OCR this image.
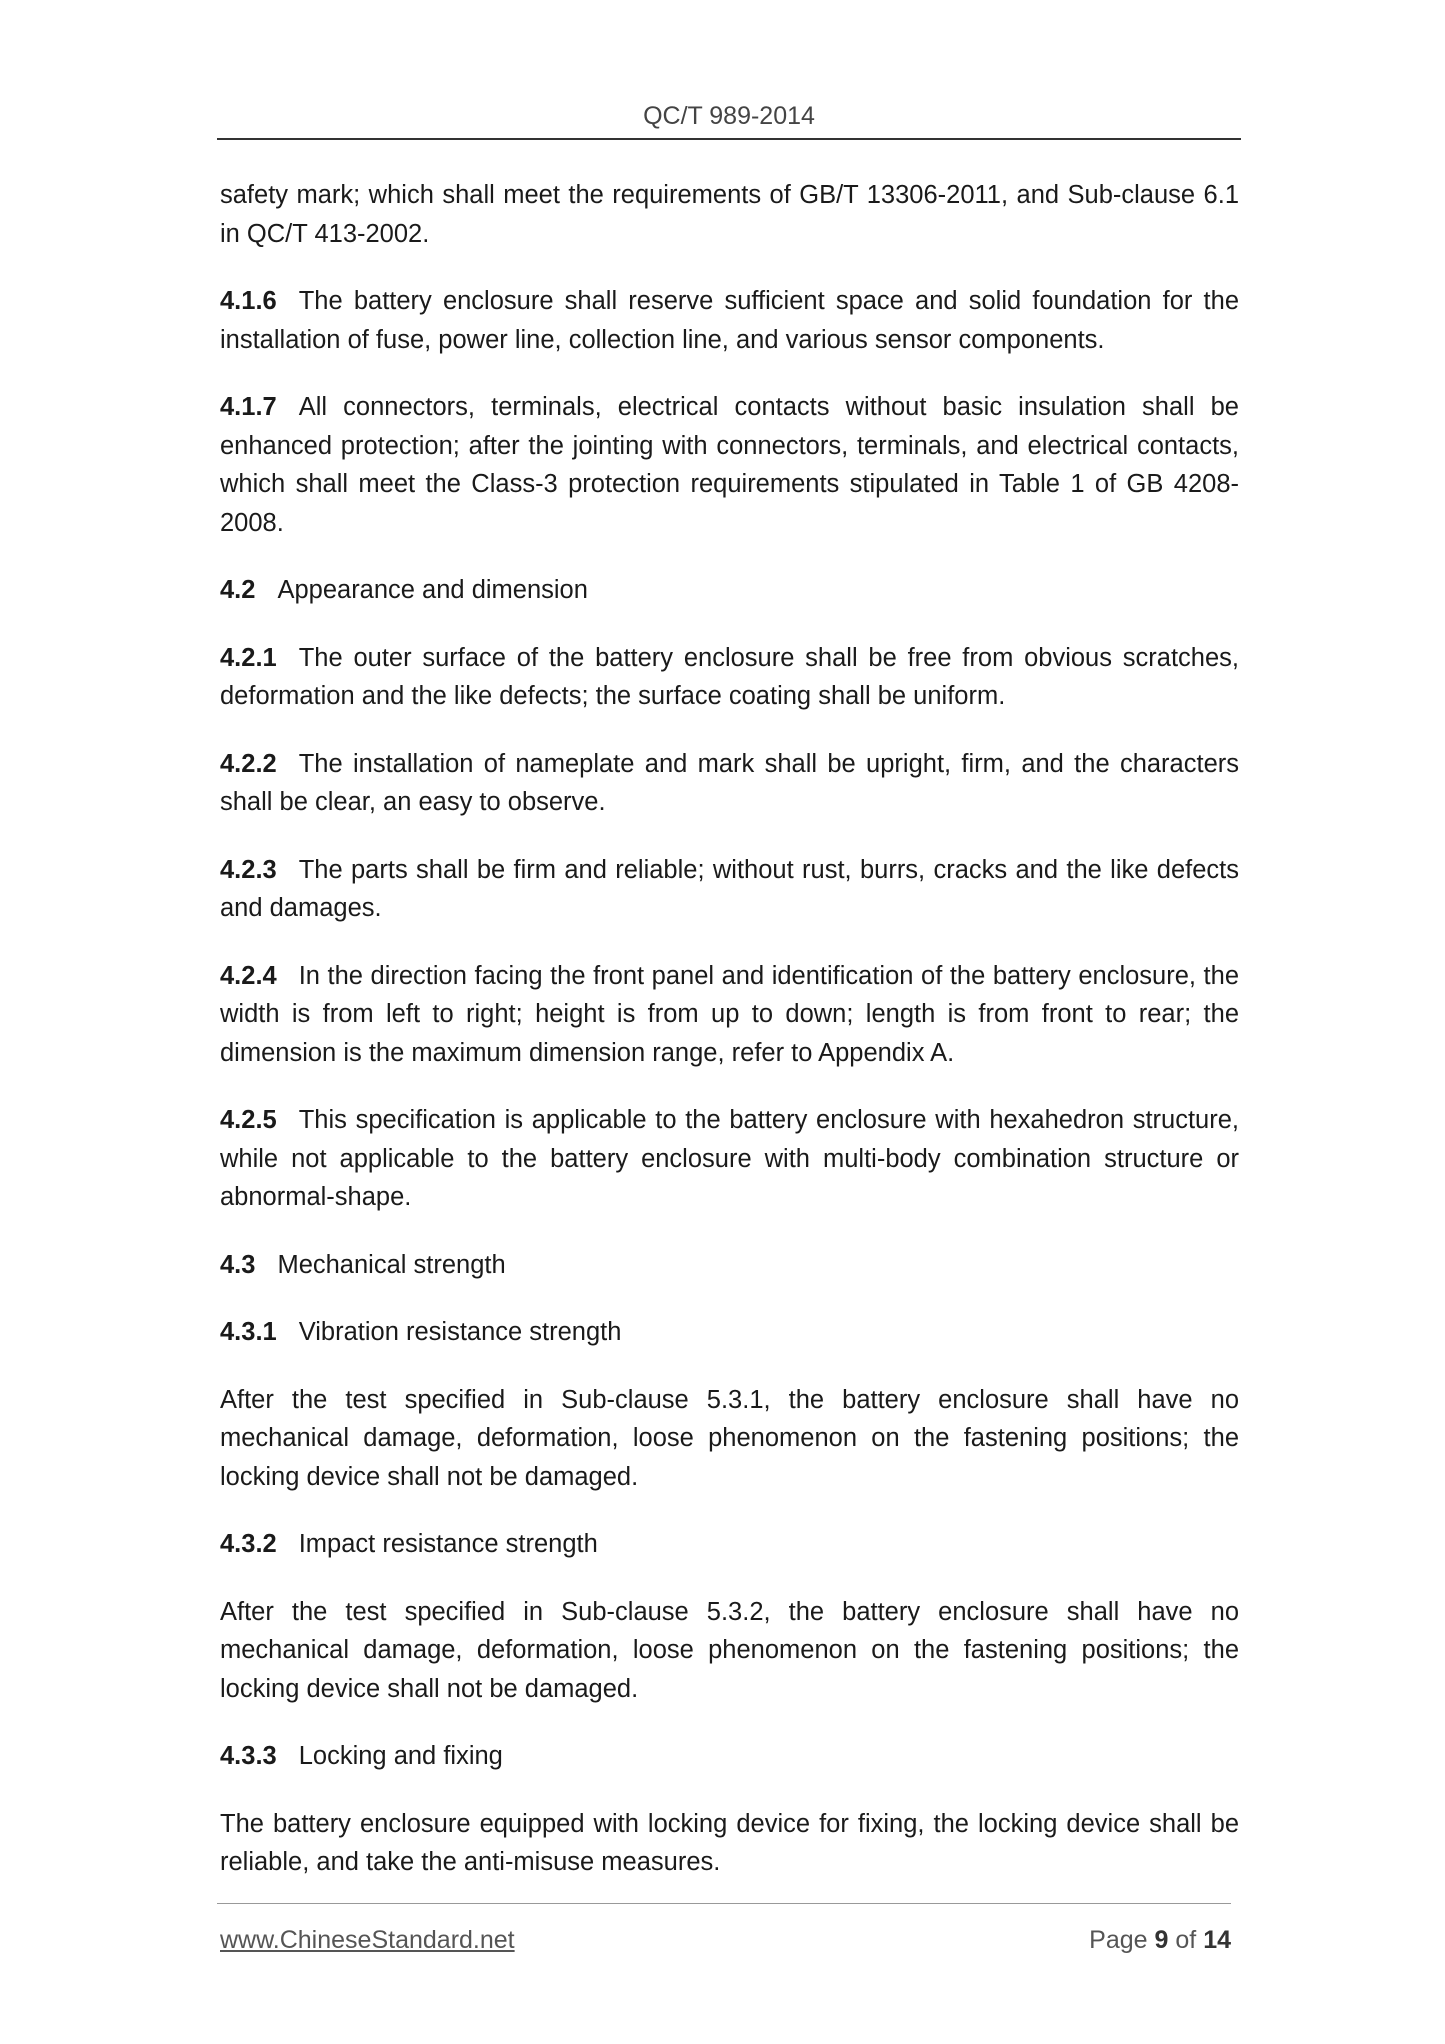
QC/T 989-2014

safety mark; which shall meet the requirements of GB/T 13306-2011, and Sub-clause 6.1 in QC/T 413-2002.

4.1.6 The battery enclosure shall reserve sufficient space and solid foundation for the installation of fuse, power line, collection line, and various sensor components.

4.1.7 All connectors, terminals, electrical contacts without basic insulation shall be enhanced protection; after the jointing with connectors, terminals, and electrical contacts, which shall meet the Class-3 protection requirements stipulated in Table 1 of GB 4208-2008.

4.2 Appearance and dimension

4.2.1 The outer surface of the battery enclosure shall be free from obvious scratches, deformation and the like defects; the surface coating shall be uniform.

4.2.2 The installation of nameplate and mark shall be upright, firm, and the characters shall be clear, an easy to observe.

4.2.3 The parts shall be firm and reliable; without rust, burrs, cracks and the like defects and damages.

4.2.4 In the direction facing the front panel and identification of the battery enclosure, the width is from left to right; height is from up to down; length is from front to rear; the dimension is the maximum dimension range, refer to Appendix A.

4.2.5 This specification is applicable to the battery enclosure with hexahedron structure, while not applicable to the battery enclosure with multi-body combination structure or abnormal-shape.

4.3 Mechanical strength

4.3.1 Vibration resistance strength

After the test specified in Sub-clause 5.3.1, the battery enclosure shall have no mechanical damage, deformation, loose phenomenon on the fastening positions; the locking device shall not be damaged.

4.3.2 Impact resistance strength

After the test specified in Sub-clause 5.3.2, the battery enclosure shall have no mechanical damage, deformation, loose phenomenon on the fastening positions; the locking device shall not be damaged.

4.3.3 Locking and fixing

The battery enclosure equipped with locking device for fixing, the locking device shall be reliable, and take the anti-misuse measures.

www.ChineseStandard.net	Page 9 of 14
